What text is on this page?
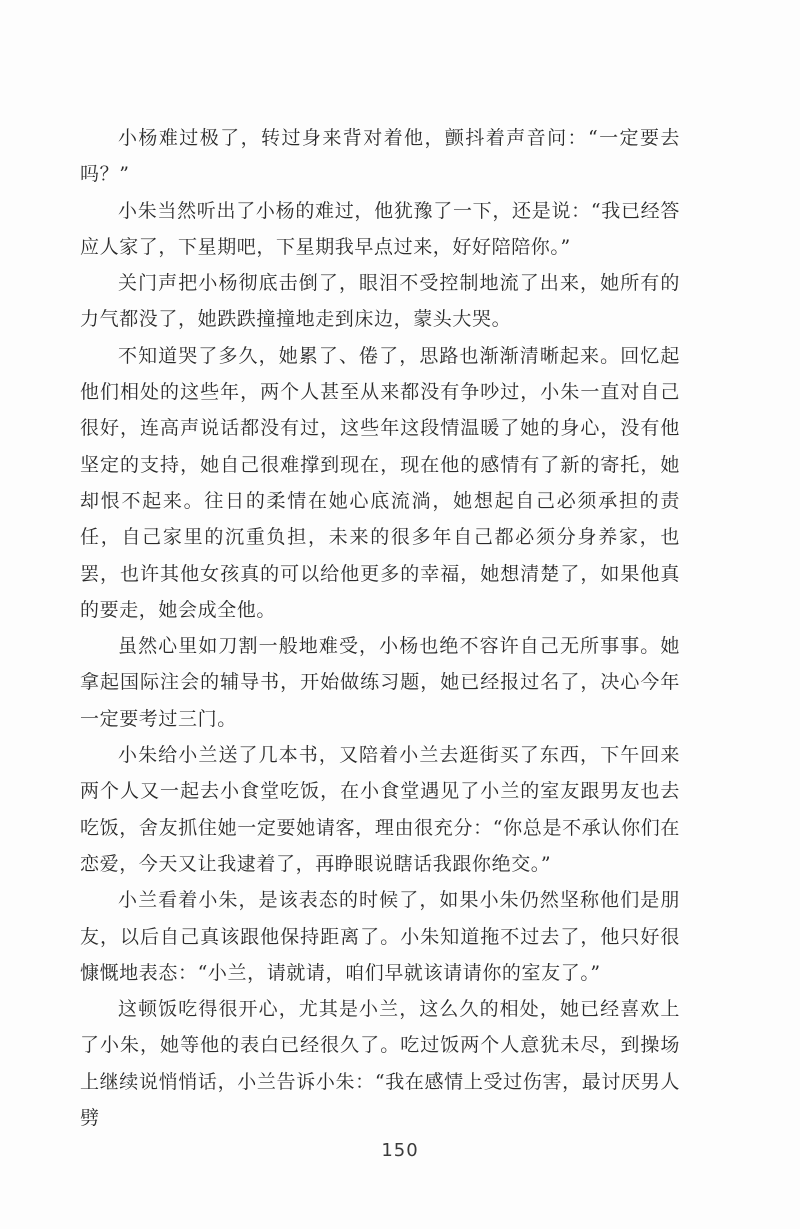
小杨难过极了，转过身来背对着他，颤抖着声音问：“一定要去吗？”

小朱当然听出了小杨的难过，他犹豫了一下，还是说：“我已经答应人家了，下星期吧，下星期我早点过来，好好陪陪你。”

关门声把小杨彻底击倒了，眼泪不受控制地流了出来，她所有的力气都没了，她跌跌撞撞地走到床边，蒙头大哭。

不知道哭了多久，她累了、倦了，思路也渐渐清晰起来。回忆起他们相处的这些年，两个人甚至从来都没有争吵过，小朱一直对自己很好，连高声说话都没有过，这些年这段情温暖了她的身心，没有他坚定的支持，她自己很难撑到现在，现在他的感情有了新的寄托，她却恨不起来。往日的柔情在她心底流淌，她想起自己必须承担的责任，自己家里的沉重负担，未来的很多年自己都必须分身养家，也罢，也许其他女孩真的可以给他更多的幸福，她想清楚了，如果他真的要走，她会成全他。

虽然心里如刀割一般地难受，小杨也绝不容许自己无所事事。她拿起国际注会的辅导书，开始做练习题，她已经报过名了，决心今年一定要考过三门。

小朱给小兰送了几本书，又陪着小兰去逛街买了东西，下午回来两个人又一起去小食堂吃饭，在小食堂遇见了小兰的室友跟男友也去吃饭，舍友抓住她一定要她请客，理由很充分：“你总是不承认你们在恋爱，今天又让我逮着了，再睁眼说瞎话我跟你绝交。”

小兰看着小朱，是该表态的时候了，如果小朱仍然坚称他们是朋友，以后自己真该跟他保持距离了。小朱知道拖不过去了，他只好很慷慨地表态：“小兰，请就请，咱们早就该请请你的室友了。”

这顿饭吃得很开心，尤其是小兰，这么久的相处，她已经喜欢上了小朱，她等他的表白已经很久了。吃过饭两个人意犹未尽，到操场上继续说悄悄话，小兰告诉小朱：“我在感情上受过伤害，最讨厌男人劈

150
